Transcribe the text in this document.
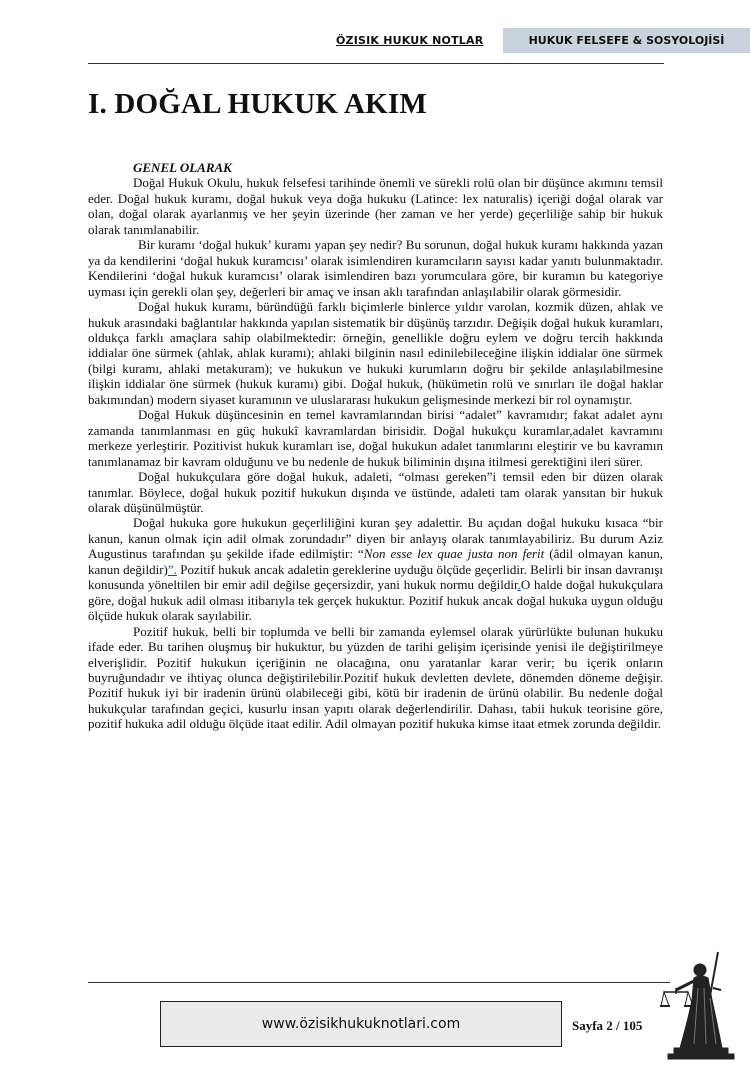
ÖZISIK HUKUK NOTLAR	HUKUK FELSEFE & SOSYOLOJİSİ
I. DOĞAL HUKUK AKIM
GENEL OLARAK

Doğal Hukuk Okulu, hukuk felsefesi tarihinde önemli ve sürekli rolü olan bir düşünce akımını temsil eder. Doğal hukuk kuramı, doğal hukuk veya doğa hukuku (Latince: lex naturalis) içeriği doğal olarak var olan, doğal olarak ayarlanmış ve her şeyin üzerinde (her zaman ve her yerde) geçerliliğe sahip bir hukuk olarak tanımlanabilir.

Bir kuramı ‘doğal hukuk’ kuramı yapan şey nedir? Bu sorunun, doğal hukuk kuramı hakkında yazan ya da kendilerini ‘doğal hukuk kuramcısı’ olarak isimlendiren kuramcıların sayısı kadar yanıtı bulunmaktadır. Kendilerini ‘doğal hukuk kuramcısı’ olarak isimlendiren bazı yorumculara göre, bir kuramın bu kategoriye uyması için gerekli olan şey, değerleri bir amaç ve insan aklı tarafından anlaşılabilir olarak görmesidir.

Doğal hukuk kuramı, büründüğü farklı biçimlerle binlerce yıldır varolan, kozmik düzen, ahlak ve hukuk arasındaki bağlantılar hakkında yapılan sistematik bir düşünüş tarzıdır. Değişik doğal hukuk kuramları, oldukça farklı amaçlara sahip olabilmektedir: örneğin, genellikle doğru eylem ve doğru tercih hakkında iddialar öne sürmek (ahlak, ahlak kuramı); ahlaki bilginin nasıl edinilebileceğine ilişkin iddialar öne sürmek (bilgi kuramı, ahlaki metakuram); ve hukukun ve hukuki kurumların doğru bir şekilde anlaşılabilmesine ilişkin iddialar öne sürmek (hukuk kuramı) gibi. Doğal hukuk, (hükümetin rolü ve sınırları ile doğal haklar bakımından) modern siyaset kuramının ve uluslararası hukukun gelişmesinde merkezi bir rol oynamıştır.

Doğal Hukuk düşüncesinin en temel kavramlarından birisi “adalet” kavramıdır; fakat adalet aynı zamanda tanımlanması en güç hukukî kavramlardan birisidir. Doğal hukukçu kuramlar,adalet kavramını merkeze yerleştirir. Pozitivist hukuk kuramları ise, doğal hukukun adalet tanımlarını eleştirir ve bu kavramın tanımlanamaz bir kavram olduğunu ve bu nedenle de hukuk biliminin dışına itilmesi gerektiğini ileri sürer.

Doğal hukukçulara göre doğal hukuk, adaleti, “olması gereken”i temsil eden bir düzen olarak tanımlar. Böylece, doğal hukuk pozitif hukukun dışında ve üstünde, adaleti tam olarak yansıtan bir hukuk olarak düşünülmüştür.

Doğal hukuka gore hukukun geçerliliğini kuran şey adalettir. Bu açıdan doğal hukuku kısaca “bir kanun, kanun olmak için adil olmak zorundadır” diyen bir anlayış olarak tanımlayabiliriz. Bu durum Aziz Augustinus tarafından şu şekilde ifade edilmiştir: “Non esse lex quae justa non ferit (âdil olmayan kanun, kanun değildir)”. Pozitif hukuk ancak adaletin gereklerine uyduğu ölçüde geçerlidir. Belirli bir insan davranışı konusunda yöneltilen bir emir adil değilse geçersizdir, yani hukuk normu değildir.O halde doğal hukukçulara göre, doğal hukuk adil olması itibarıyla tek gerçek hukuktur. Pozitif hukuk ancak doğal hukuka uygun olduğu ölçüde hukuk olarak sayılabilir.

Pozitif hukuk, belli bir toplumda ve belli bir zamanda eylemsel olarak yürürlükte bulunan hukuku ifade eder. Bu tarihen oluşmuş bir hukuktur, bu yüzden de tarihi gelişim içerisinde yenisi ile değiştirilmeye elverişlidir. Pozitif hukukun içeriğinin ne olacağına, onu yaratanlar karar verir; bu içerik onların buyruğundadır ve ihtiyaç olunca değiştirilebilir.Pozitif hukuk devletten devlete, dönemden döneme değişir. Pozitif hukuk iyi bir iradenin ürünü olabileceği gibi, kötü bir iradenin de ürünü olabilir. Bu nedenle doğal hukukçular tarafından geçici, kusurlu insan yapıtı olarak değerlendirilir. Dahası, tabii hukuk teorisine göre, pozitif hukuka adil olduğu ölçüde itaat edilir. Adil olmayan pozitif hukuka kimse itaat etmek zorunda değildir.

www.özisikhukuknotlari.com	Sayfa 2 / 105
